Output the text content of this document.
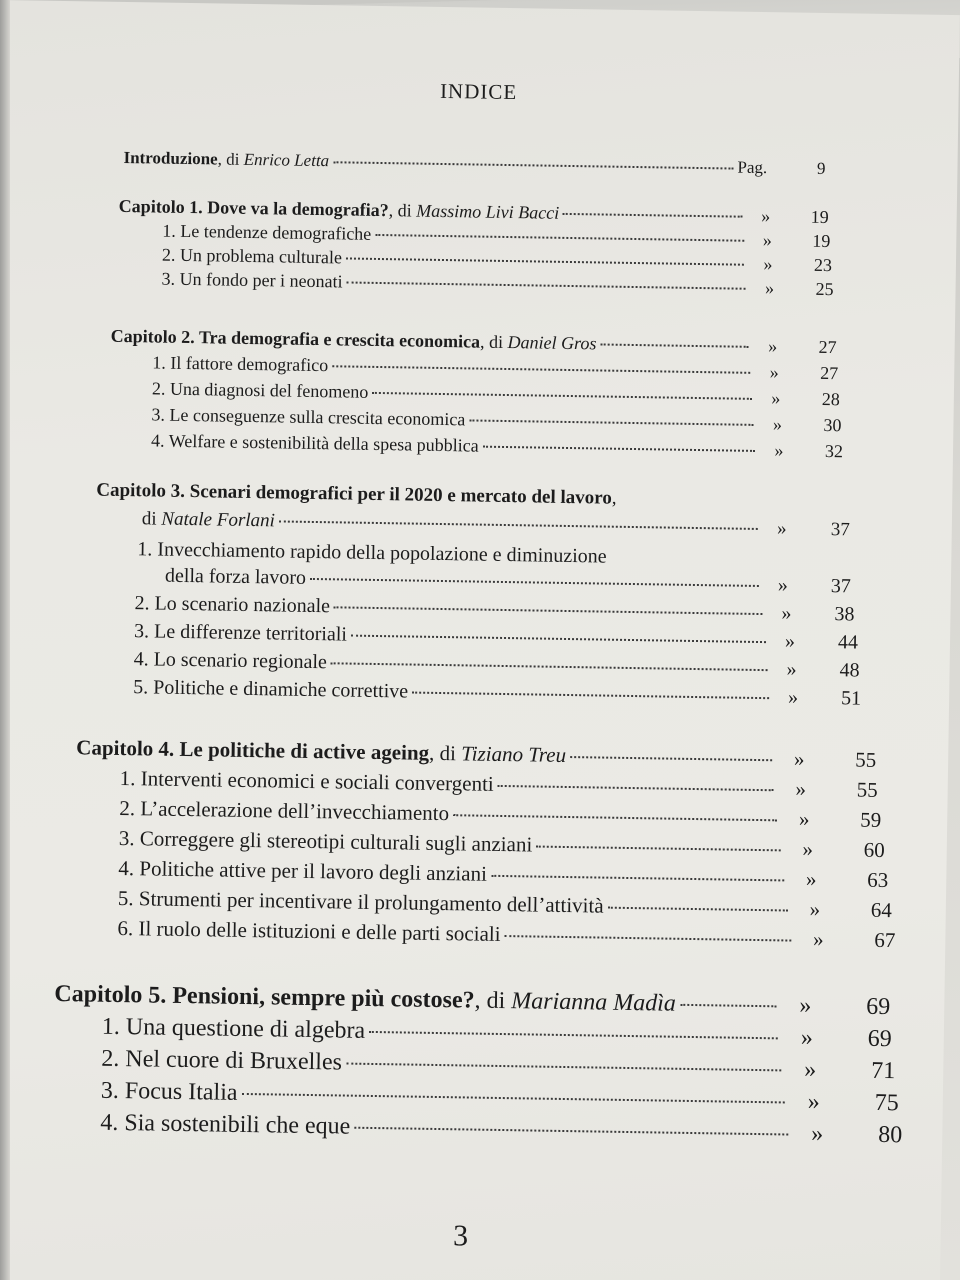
INDICE
Introduzione, di Enrico Letta	Pag.	9
Capitolo 1. Dove va la demografia?, di Massimo Livi Bacci	»	19
1. Le tendenze demografiche	»	19
2. Un problema culturale	»	23
3. Un fondo per i neonati	»	25
Capitolo 2. Tra demografia e crescita economica, di Daniel Gros	»	27
1. Il fattore demografico	»	27
2. Una diagnosi del fenomeno	»	28
3. Le conseguenze sulla crescita economica	»	30
4. Welfare e sostenibilità della spesa pubblica	»	32
Capitolo 3. Scenari demografici per il 2020 e mercato del lavoro,
di Natale Forlani	»	37
1. Invecchiamento rapido della popolazione e diminuzione
della forza lavoro	»	37
2. Lo scenario nazionale	»	38
3. Le differenze territoriali	»	44
4. Lo scenario regionale	»	48
5. Politiche e dinamiche correttive	»	51
Capitolo 4. Le politiche di active ageing, di Tiziano Treu	»	55
1. Interventi economici e sociali convergenti	»	55
2. L’accelerazione dell’invecchiamento	»	59
3. Correggere gli stereotipi culturali sugli anziani	»	60
4. Politiche attive per il lavoro degli anziani	»	63
5. Strumenti per incentivare il prolungamento dell’attività	»	64
6. Il ruolo delle istituzioni e delle parti sociali	»	67
Capitolo 5. Pensioni, sempre più costose?, di Marianna Madìa	»	69
1. Una questione di algebra	»	69
2. Nel cuore di Bruxelles	»	71
3. Focus Italia	»	75
4. Sia sostenibili che eque	»	80
3
